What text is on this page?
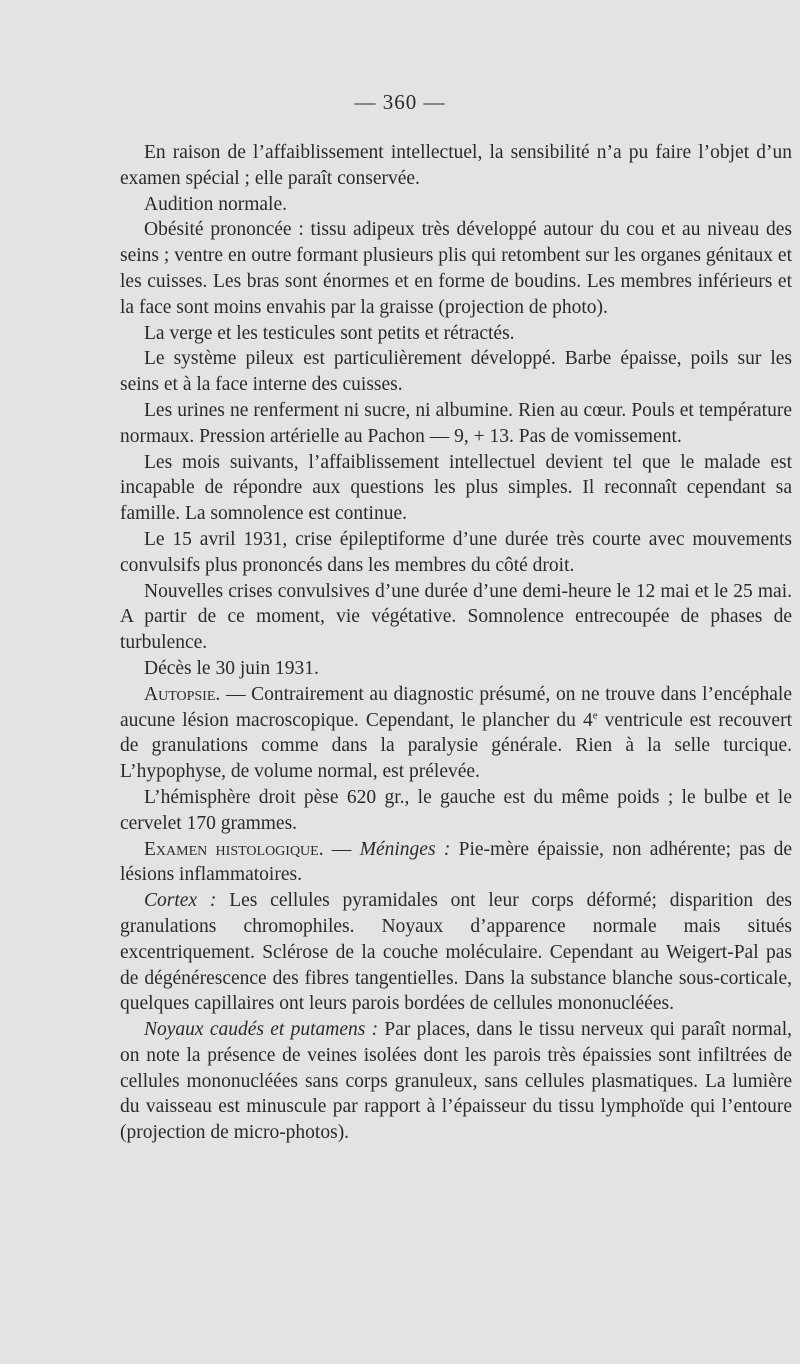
— 360 —

En raison de l’affaiblissement intellectuel, la sensibilité n’a pu faire l’objet d’un examen spécial ; elle paraît conservée.

Audition normale.

Obésité prononcée : tissu adipeux très développé autour du cou et au niveau des seins ; ventre en outre formant plusieurs plis qui retombent sur les organes génitaux et les cuisses. Les bras sont énormes et en forme de boudins. Les membres inférieurs et la face sont moins envahis par la graisse (projection de photo).

La verge et les testicules sont petits et rétractés.

Le système pileux est particulièrement développé. Barbe épaisse, poils sur les seins et à la face interne des cuisses.

Les urines ne renferment ni sucre, ni albumine. Rien au cœur. Pouls et température normaux. Pression artérielle au Pachon — 9, + 13. Pas de vomissement.

Les mois suivants, l’affaiblissement intellectuel devient tel que le malade est incapable de répondre aux questions les plus simples. Il reconnaît cependant sa famille. La somnolence est continue.

Le 15 avril 1931, crise épileptiforme d’une durée très courte avec mouvements convulsifs plus prononcés dans les membres du côté droit.

Nouvelles crises convulsives d’une durée d’une demi-heure le 12 mai et le 25 mai. A partir de ce moment, vie végétative. Somnolence entrecoupée de phases de turbulence.

Décès le 30 juin 1931.

Autopsie. — Contrairement au diagnostic présumé, on ne trouve dans l’encéphale aucune lésion macroscopique. Cependant, le plancher du 4e ventricule est recouvert de granulations comme dans la paralysie générale. Rien à la selle turcique. L’hypophyse, de volume normal, est prélevée.

L’hémisphère droit pèse 620 gr., le gauche est du même poids ; le bulbe et le cervelet 170 grammes.

Examen histologique. — Méninges : Pie-mère épaissie, non adhérente; pas de lésions inflammatoires.

Cortex : Les cellules pyramidales ont leur corps déformé; disparition des granulations chromophiles. Noyaux d’apparence normale mais situés excentriquement. Sclérose de la couche moléculaire. Cependant au Weigert-Pal pas de dégénérescence des fibres tangentielles. Dans la substance blanche sous-corticale, quelques capillaires ont leurs parois bordées de cellules mononucléées.

Noyaux caudés et putamens : Par places, dans le tissu nerveux qui paraît normal, on note la présence de veines isolées dont les parois très épaissies sont infiltrées de cellules mononucléées sans corps granuleux, sans cellules plasmatiques. La lumière du vaisseau est minuscule par rapport à l’épaisseur du tissu lymphoïde qui l’entoure (projection de micro-photos).
